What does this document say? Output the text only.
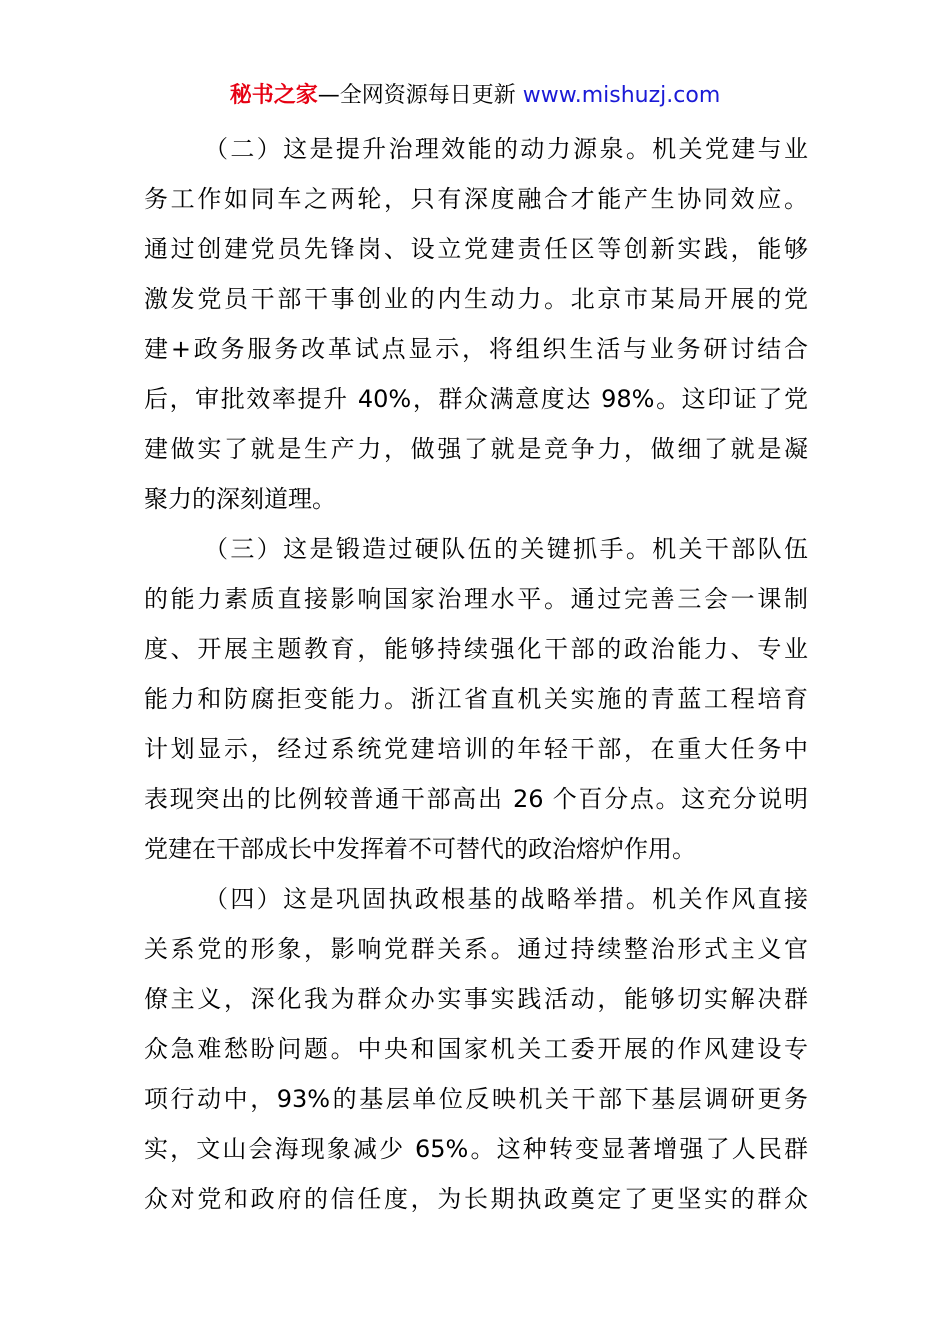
秘书之家—全网资源每日更新 www.mishuzj.com
（二）这是提升治理效能的动力源泉。机关党建与业
务工作如同车之两轮，只有深度融合才能产生协同效应。
通过创建党员先锋岗、设立党建责任区等创新实践，能够
激发党员干部干事创业的内生动力。北京市某局开展的党
建+政务服务改革试点显示，将组织生活与业务研讨结合
后，审批效率提升 40%，群众满意度达 98%。这印证了党
建做实了就是生产力，做强了就是竞争力，做细了就是凝
聚力的深刻道理。
（三）这是锻造过硬队伍的关键抓手。机关干部队伍
的能力素质直接影响国家治理水平。通过完善三会一课制
度、开展主题教育，能够持续强化干部的政治能力、专业
能力和防腐拒变能力。浙江省直机关实施的青蓝工程培育
计划显示，经过系统党建培训的年轻干部，在重大任务中
表现突出的比例较普通干部高出 26 个百分点。这充分说明
党建在干部成长中发挥着不可替代的政治熔炉作用。
（四）这是巩固执政根基的战略举措。机关作风直接
关系党的形象，影响党群关系。通过持续整治形式主义官
僚主义，深化我为群众办实事实践活动，能够切实解决群
众急难愁盼问题。中央和国家机关工委开展的作风建设专
项行动中，93%的基层单位反映机关干部下基层调研更务
实，文山会海现象减少 65%。这种转变显著增强了人民群
众对党和政府的信任度，为长期执政奠定了更坚实的群众
